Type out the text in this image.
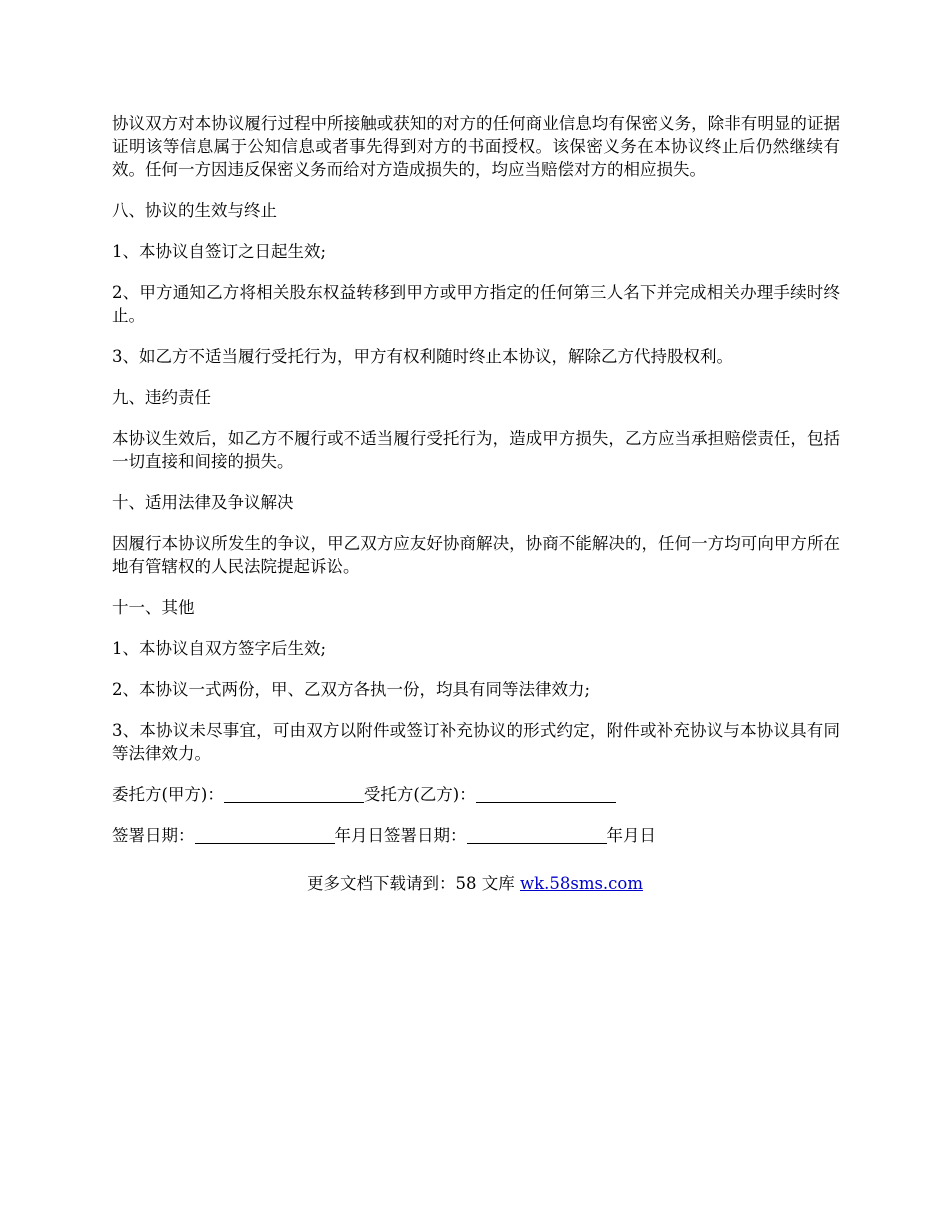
协议双方对本协议履行过程中所接触或获知的对方的任何商业信息均有保密义务，除非有明显的证据证明该等信息属于公知信息或者事先得到对方的书面授权。该保密义务在本协议终止后仍然继续有效。任何一方因违反保密义务而给对方造成损失的，均应当赔偿对方的相应损失。

八、协议的生效与终止

1、本协议自签订之日起生效;

2、甲方通知乙方将相关股东权益转移到甲方或甲方指定的任何第三人名下并完成相关办理手续时终止。

3、如乙方不适当履行受托行为，甲方有权利随时终止本协议，解除乙方代持股权利。

九、违约责任

本协议生效后，如乙方不履行或不适当履行受托行为，造成甲方损失，乙方应当承担赔偿责任，包括一切直接和间接的损失。

十、适用法律及争议解决

因履行本协议所发生的争议，甲乙双方应友好协商解决，协商不能解决的，任何一方均可向甲方所在地有管辖权的人民法院提起诉讼。

十一、其他

1、本协议自双方签字后生效;

2、本协议一式两份，甲、乙双方各执一份，均具有同等法律效力;

3、本协议未尽事宜，可由双方以附件或签订补充协议的形式约定，附件或补充协议与本协议具有同等法律效力。

委托方(甲方)：	受托方(乙方)：

签署日期：	年月日签署日期：	年月日

更多文档下载请到：58 文库 wk.58sms.com
